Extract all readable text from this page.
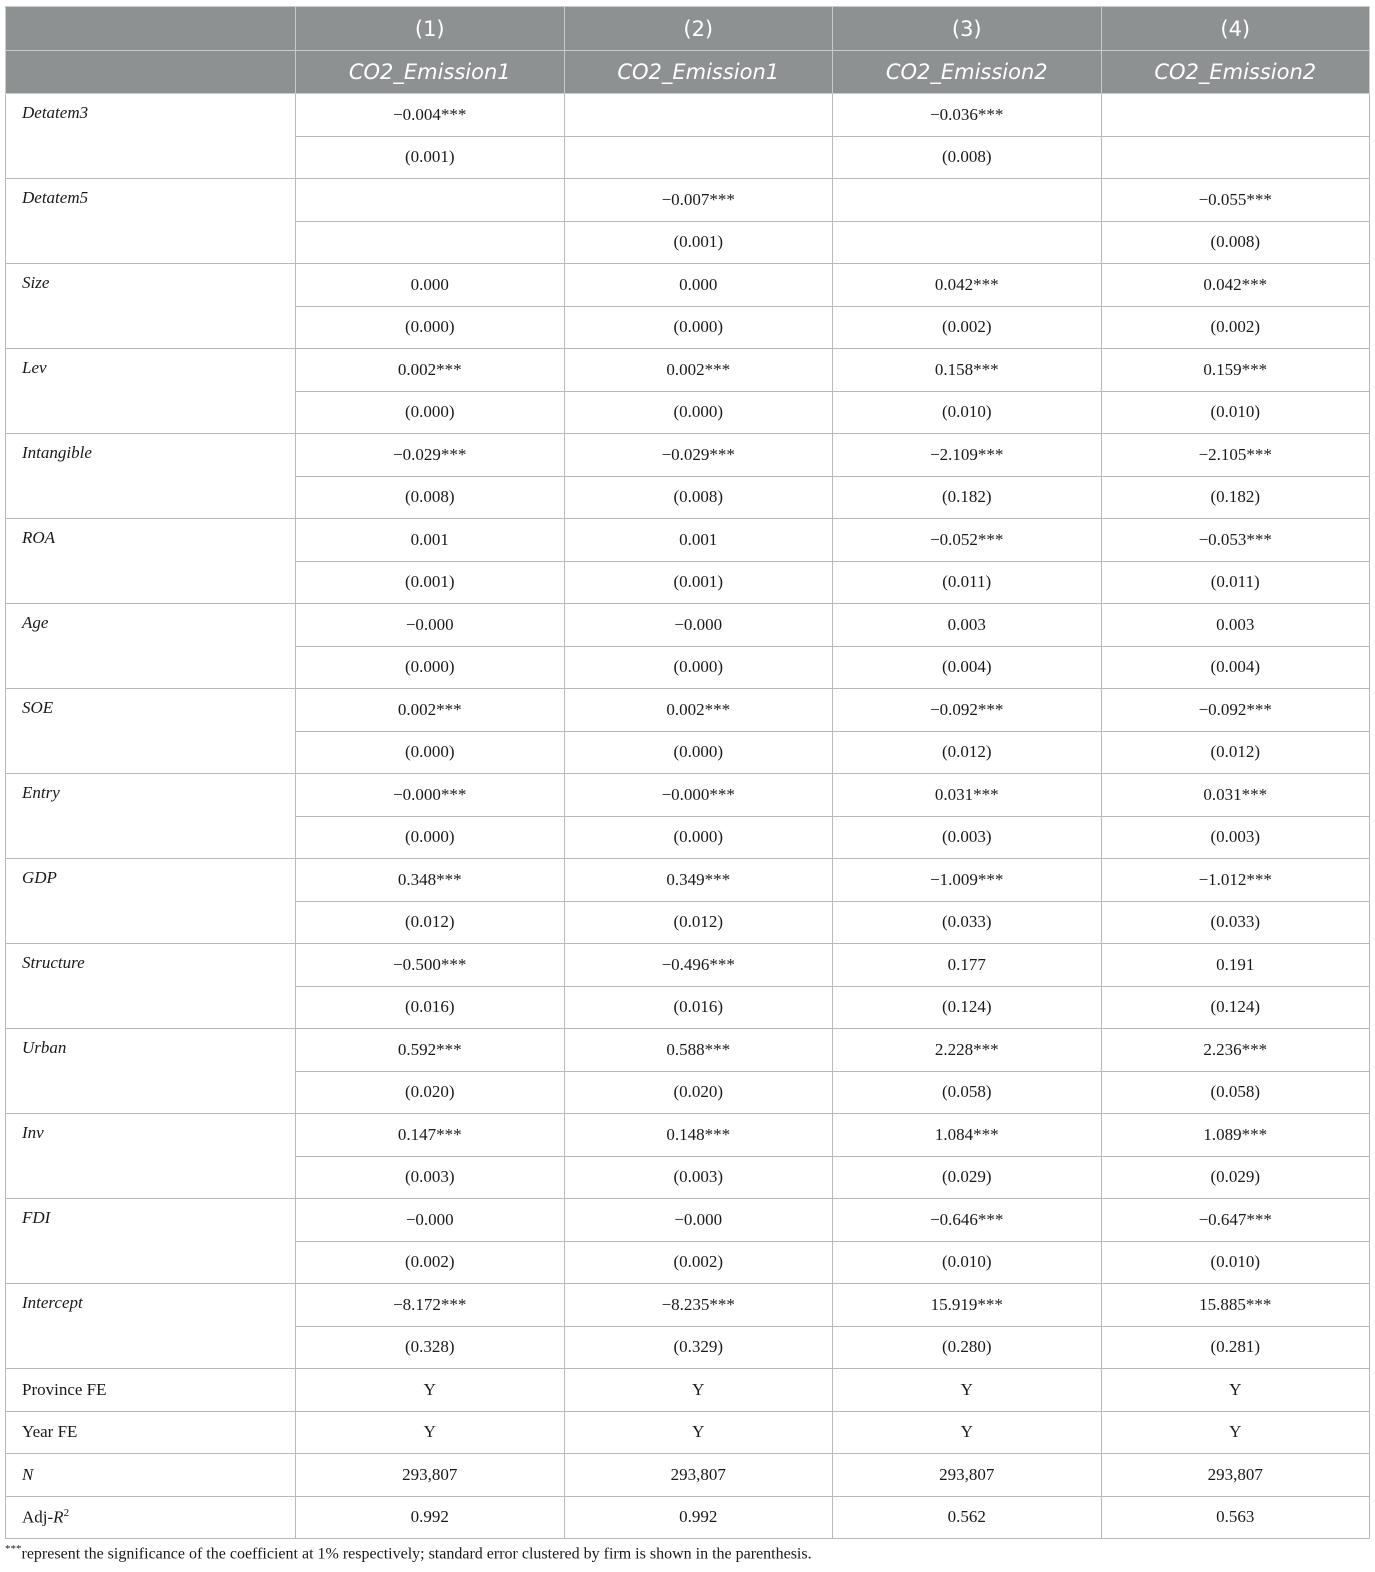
	(1)	(2)	(3)	(4)
	CO2_Emission1	CO2_Emission1	CO2_Emission2	CO2_Emission2
Detatem3	−0.004***		−0.036***	
	(0.001)		(0.008)	
Detatem5		−0.007***		−0.055***
		(0.001)		(0.008)
Size	0.000	0.000	0.042***	0.042***
	(0.000)	(0.000)	(0.002)	(0.002)
Lev	0.002***	0.002***	0.158***	0.159***
	(0.000)	(0.000)	(0.010)	(0.010)
Intangible	−0.029***	−0.029***	−2.109***	−2.105***
	(0.008)	(0.008)	(0.182)	(0.182)
ROA	0.001	0.001	−0.052***	−0.053***
	(0.001)	(0.001)	(0.011)	(0.011)
Age	−0.000	−0.000	0.003	0.003
	(0.000)	(0.000)	(0.004)	(0.004)
SOE	0.002***	0.002***	−0.092***	−0.092***
	(0.000)	(0.000)	(0.012)	(0.012)
Entry	−0.000***	−0.000***	0.031***	0.031***
	(0.000)	(0.000)	(0.003)	(0.003)
GDP	0.348***	0.349***	−1.009***	−1.012***
	(0.012)	(0.012)	(0.033)	(0.033)
Structure	−0.500***	−0.496***	0.177	0.191
	(0.016)	(0.016)	(0.124)	(0.124)
Urban	0.592***	0.588***	2.228***	2.236***
	(0.020)	(0.020)	(0.058)	(0.058)
Inv	0.147***	0.148***	1.084***	1.089***
	(0.003)	(0.003)	(0.029)	(0.029)
FDI	−0.000	−0.000	−0.646***	−0.647***
	(0.002)	(0.002)	(0.010)	(0.010)
Intercept	−8.172***	−8.235***	15.919***	15.885***
	(0.328)	(0.329)	(0.280)	(0.281)
Province FE	Y	Y	Y	Y
Year FE	Y	Y	Y	Y
N	293,807	293,807	293,807	293,807
Adj-$R^2$	0.992	0.992	0.562	0.563
***represent the significance of the coefficient at 1% respectively; standard error clustered by firm is shown in the parenthesis.
